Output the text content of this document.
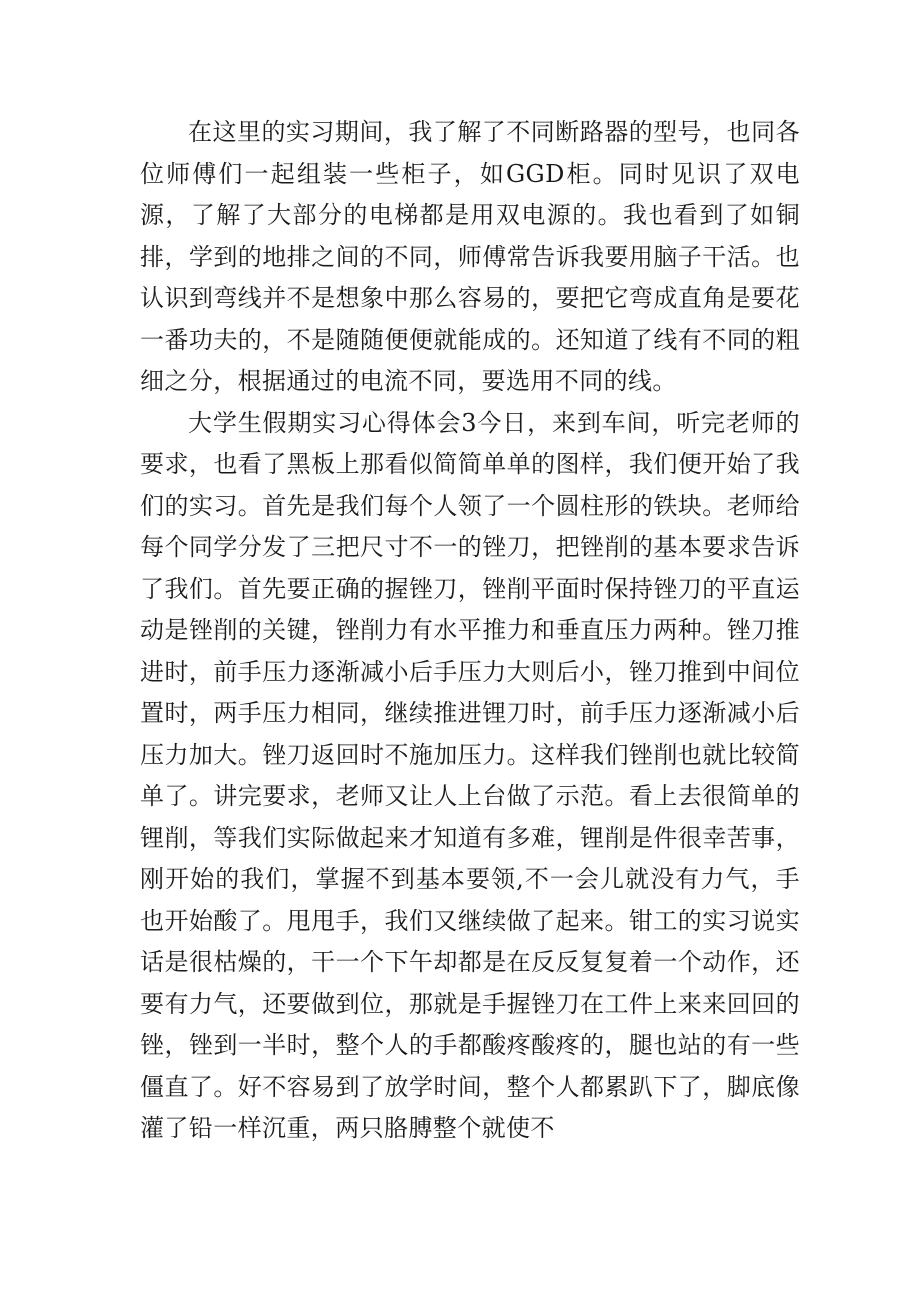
在这里的实习期间，我了解了不同断路器的型号，也同各位师傅们一起组装一些柜子，如GGD柜。同时见识了双电源，了解了大部分的电梯都是用双电源的。我也看到了如铜排，学到的地排之间的不同，师傅常告诉我要用脑子干活。也认识到弯线并不是想象中那么容易的，要把它弯成直角是要花一番功夫的，不是随随便便就能成的。还知道了线有不同的粗细之分，根据通过的电流不同，要选用不同的线。

大学生假期实习心得体会3今日，来到车间，听完老师的要求，也看了黑板上那看似简简单单的图样，我们便开始了我们的实习。首先是我们每个人领了一个圆柱形的铁块。老师给每个同学分发了三把尺寸不一的锉刀，把锉削的基本要求告诉了我们。首先要正确的握锉刀，锉削平面时保持锉刀的平直运动是锉削的关键，锉削力有水平推力和垂直压力两种。锉刀推进时，前手压力逐渐减小后手压力大则后小，锉刀推到中间位置时，两手压力相同，继续推进锂刀时，前手压力逐渐减小后压力加大。锉刀返回时不施加压力。这样我们锉削也就比较简单了。讲完要求，老师又让人上台做了示范。看上去很简单的锂削，等我们实际做起来才知道有多难，锂削是件很幸苦事，刚开始的我们，掌握不到基本要领,不一会儿就没有力气，手也开始酸了。甩甩手，我们又继续做了起来。钳工的实习说实话是很枯燥的，干一个下午却都是在反反复复着一个动作，还要有力气，还要做到位，那就是手握锉刀在工件上来来回回的锉，锉到一半时，整个人的手都酸疼酸疼的，腿也站的有一些僵直了。好不容易到了放学时间，整个人都累趴下了，脚底像灌了铅一样沉重，两只胳膊整个就使不
